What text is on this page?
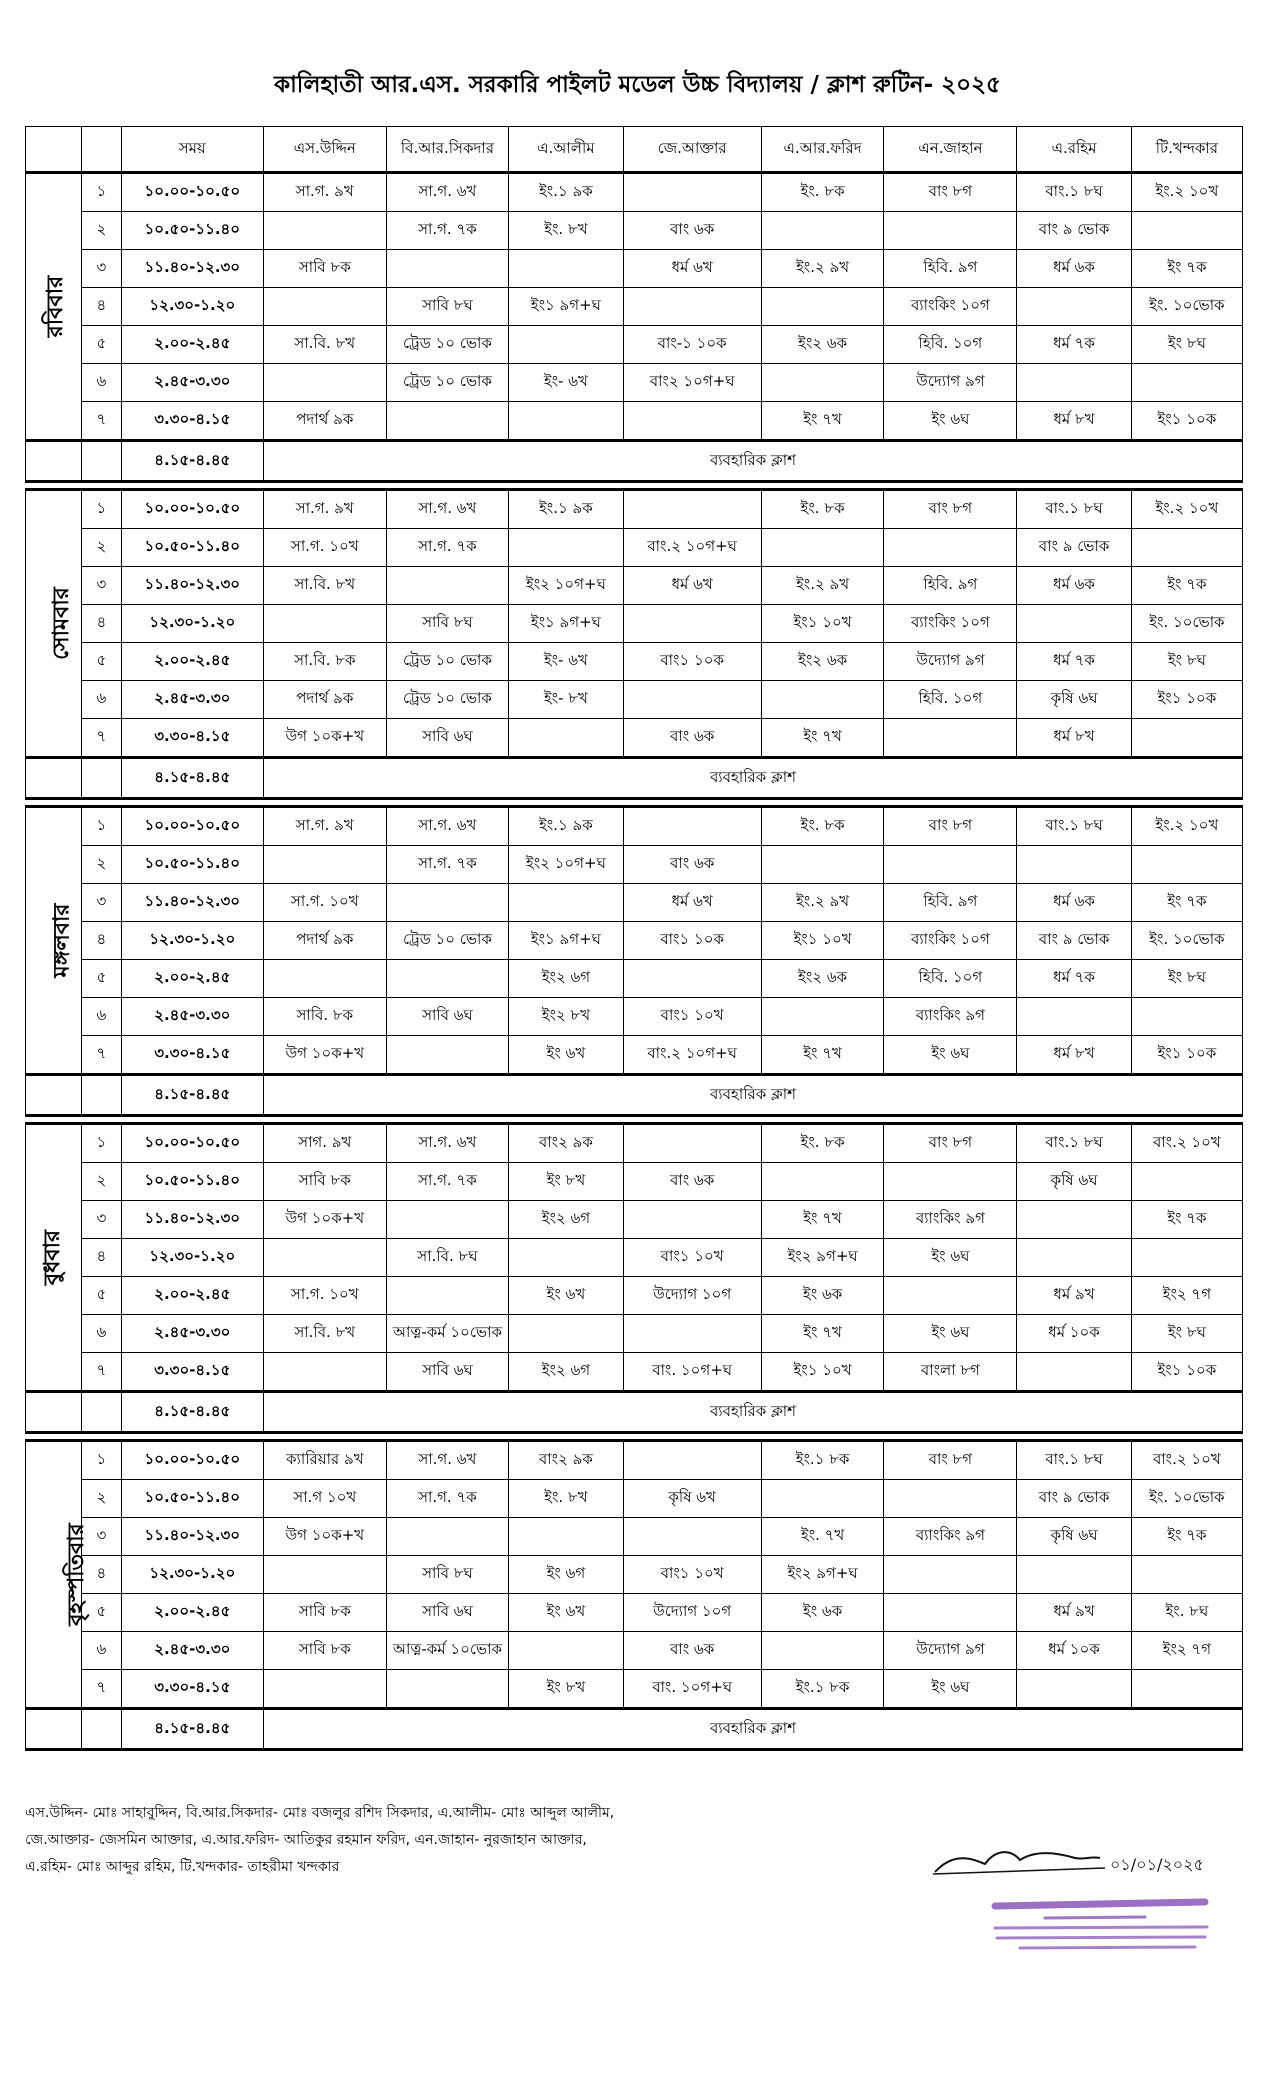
কালিহাতী আর.এস. সরকারি পাইলট মডেল উচ্চ বিদ্যালয় / ক্লাশ রুটিন- ২০২৫
		সময়	এস.উদ্দিন	বি.আর.সিকদার	এ.আলীম	জে.আক্তার	এ.আর.ফরিদ	এন.জাহান	এ.রহিম	টি.খন্দকার
রবিবার	১	১০.০০-১০.৫০	সা.গ. ৯খ	সা.গ. ৬খ	ইং.১ ৯ক		ইং. ৮ক	বাং ৮গ	বাং.১ ৮ঘ	ইং.২ ১০খ
	২	১০.৫০-১১.৪০		সা.গ. ৭ক	ইং. ৮খ	বাং ৬ক			বাং ৯ ভোক	
	৩	১১.৪০-১২.৩০	সাবি ৮ক			ধর্ম ৬খ	ইং.২ ৯খ	হিবি. ৯গ	ধর্ম ৬ক	ইং ৭ক
	৪	১২.৩০-১.২০		সাবি ৮ঘ	ইং১ ৯গ+ঘ			ব্যাংকিং ১০গ		ইং. ১০ভোক
	৫	২.০০-২.৪৫	সা.বি. ৮খ	ট্রেড ১০ ভোক		বাং-১ ১০ক	ইং২ ৬ক	হিবি. ১০গ	ধর্ম ৭ক	ইং ৮ঘ
	৬	২.৪৫-৩.৩০		ট্রেড ১০ ভোক	ইং- ৬খ	বাং২ ১০গ+ঘ		উদ্যোগ ৯গ		
	৭	৩.৩০-৪.১৫	পদার্থ ৯ক				ইং ৭খ	ইং ৬ঘ	ধর্ম ৮খ	ইং১ ১০ক
		৪.১৫-৪.৪৫	ব্যবহারিক ক্লাশ							

সোমবার	১	১০.০০-১০.৫০	সা.গ. ৯খ	সা.গ. ৬খ	ইং.১ ৯ক		ইং. ৮ক	বাং ৮গ	বাং.১ ৮ঘ	ইং.২ ১০খ
	২	১০.৫০-১১.৪০	সা.গ. ১০খ	সা.গ. ৭ক		বাং.২ ১০গ+ঘ			বাং ৯ ভোক	
	৩	১১.৪০-১২.৩০	সা.বি. ৮খ		ইং২ ১০গ+ঘ	ধর্ম ৬খ	ইং.২ ৯খ	হিবি. ৯গ	ধর্ম ৬ক	ইং ৭ক
	৪	১২.৩০-১.২০		সাবি ৮ঘ	ইং১ ৯গ+ঘ		ইং১ ১০খ	ব্যাংকিং ১০গ		ইং. ১০ভোক
	৫	২.০০-২.৪৫	সা.বি. ৮ক	ট্রেড ১০ ভোক	ইং- ৬খ	বাং১ ১০ক	ইং২ ৬ক	উদ্যোগ ৯গ	ধর্ম ৭ক	ইং ৮ঘ
	৬	২.৪৫-৩.৩০	পদার্থ ৯ক	ট্রেড ১০ ভোক	ইং- ৮খ			হিবি. ১০গ	কৃষি ৬ঘ	ইং১ ১০ক
	৭	৩.৩০-৪.১৫	উগ ১০ক+খ	সাবি ৬ঘ		বাং ৬ক	ইং ৭খ		ধর্ম ৮খ	
		৪.১৫-৪.৪৫	ব্যবহারিক ক্লাশ							

মঙ্গলবার	১	১০.০০-১০.৫০	সা.গ. ৯খ	সা.গ. ৬খ	ইং.১ ৯ক		ইং. ৮ক	বাং ৮গ	বাং.১ ৮ঘ	ইং.২ ১০খ
	২	১০.৫০-১১.৪০		সা.গ. ৭ক	ইং২ ১০গ+ঘ	বাং ৬ক				
	৩	১১.৪০-১২.৩০	সা.গ. ১০খ			ধর্ম ৬খ	ইং.২ ৯খ	হিবি. ৯গ	ধর্ম ৬ক	ইং ৭ক
	৪	১২.৩০-১.২০	পদার্থ ৯ক	ট্রেড ১০ ভোক	ইং১ ৯গ+ঘ	বাং১ ১০ক	ইং১ ১০খ	ব্যাংকিং ১০গ	বাং ৯ ভোক	ইং. ১০ভোক
	৫	২.০০-২.৪৫			ইং২ ৬গ		ইং২ ৬ক	হিবি. ১০গ	ধর্ম ৭ক	ইং ৮ঘ
	৬	২.৪৫-৩.৩০	সাবি. ৮ক	সাবি ৬ঘ	ইং২ ৮খ	বাং১ ১০খ		ব্যাংকিং ৯গ		
	৭	৩.৩০-৪.১৫	উগ ১০ক+খ		ইং ৬খ	বাং.২ ১০গ+ঘ	ইং ৭খ	ইং ৬ঘ	ধর্ম ৮খ	ইং১ ১০ক
		৪.১৫-৪.৪৫	ব্যবহারিক ক্লাশ							

বুধবার	১	১০.০০-১০.৫০	সাগ. ৯খ	সা.গ. ৬খ	বাং২ ৯ক		ইং. ৮ক	বাং ৮গ	বাং.১ ৮ঘ	বাং.২ ১০খ
	২	১০.৫০-১১.৪০	সাবি ৮ক	সা.গ. ৭ক	ইং ৮খ	বাং ৬ক			কৃষি ৬ঘ	
	৩	১১.৪০-১২.৩০	উগ ১০ক+খ		ইং২ ৬গ		ইং ৭খ	ব্যাংকিং ৯গ		ইং ৭ক
	৪	১২.৩০-১.২০		সা.বি. ৮ঘ		বাং১ ১০খ	ইং২ ৯গ+ঘ	ইং ৬ঘ		
	৫	২.০০-২.৪৫	সা.গ. ১০খ		ইং ৬খ	উদ্যোগ ১০গ	ইং ৬ক		ধর্ম ৯খ	ইং২ ৭গ
	৬	২.৪৫-৩.৩০	সা.বি. ৮খ	আত্ন-কর্ম ১০ভোক			ইং ৭খ	ইং ৬ঘ	ধর্ম ১০ক	ইং ৮ঘ
	৭	৩.৩০-৪.১৫		সাবি ৬ঘ	ইং২ ৬গ	বাং. ১০গ+ঘ	ইং১ ১০খ	বাংলা ৮গ		ইং১ ১০ক
		৪.১৫-৪.৪৫	ব্যবহারিক ক্লাশ							

বৃহস্পতিবার	১	১০.০০-১০.৫০	ক্যারিয়ার ৯খ	সা.গ. ৬খ	বাং২ ৯ক		ইং.১ ৮ক	বাং ৮গ	বাং.১ ৮ঘ	বাং.২ ১০খ
	২	১০.৫০-১১.৪০	সা.গ ১০খ	সা.গ. ৭ক	ইং. ৮খ	কৃষি ৬খ			বাং ৯ ভোক	ইং. ১০ভোক
	৩	১১.৪০-১২.৩০	উগ ১০ক+খ				ইং. ৭খ	ব্যাংকিং ৯গ	কৃষি ৬ঘ	ইং ৭ক
	৪	১২.৩০-১.২০		সাবি ৮ঘ	ইং ৬গ	বাং১ ১০খ	ইং২ ৯গ+ঘ			
	৫	২.০০-২.৪৫	সাবি ৮ক	সাবি ৬ঘ	ইং ৬খ	উদ্যোগ ১০গ	ইং ৬ক		ধর্ম ৯খ	ইং. ৮ঘ
	৬	২.৪৫-৩.৩০	সাবি ৮ক	আত্ন-কর্ম ১০ভোক		বাং ৬ক		উদ্যোগ ৯গ	ধর্ম ১০ক	ইং২ ৭গ
	৭	৩.৩০-৪.১৫			ইং ৮খ	বাং. ১০গ+ঘ	ইং.১ ৮ক	ইং ৬ঘ		
		৪.১৫-৪.৪৫	ব্যবহারিক ক্লাশ							
এস.উদ্দিন- মোঃ সাহাবুদ্দিন, বি.আর.সিকদার- মোঃ বজলুর রশিদ সিকদার, এ.আলীম- মোঃ আব্দুল আলীম,
জে.আক্তার- জেসমিন আক্তার, এ.আর.ফরিদ- আতিকুর রহমান ফরিদ, এন.জাহান- নুরজাহান আক্তার,
এ.রহিম- মোঃ আব্দুর রহিম, টি.খন্দকার- তাহরীমা খন্দকার	০১/০১/২০২৫
